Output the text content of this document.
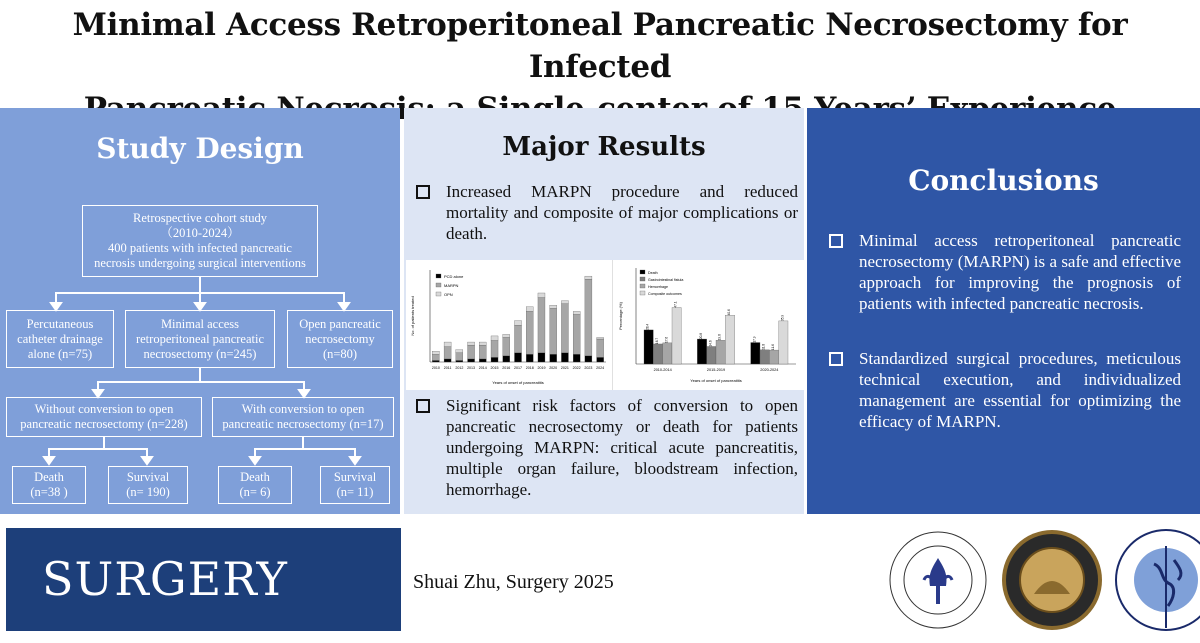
Minimal Access Retroperitoneal Pancreatic Necrosectomy for Infected
Study Design
Retrospective cohort study
（2010-2024）
400 patients with infected pancreatic
necrosis undergoing surgical interventions
Percutaneous
catheter drainage
alone (n=75)
Minimal access
retroperitoneal pancreatic
necrosectomy (n=245)
Open pancreatic
necrosectomy
(n=80)
Without conversion to open
pancreatic necrosectomy (n=228)
With conversion to open
pancreatic necrosectomy (n=17)
Death
(n=38 )
Survival
(n= 190)
Death
(n= 6)
Survival
(n= 11)
Major Results
Increased MARPN procedure and reduced mortality and composite of major complications or death.
No. of patients treated
Years of onset of pancreatitis
2010 2011 2012 2013 2014 2015 2016 2017 2018 2019 2020 2021 2022 2023 2024
PCD alone
MARPN
OPN
Percentage (%)
Years of onset of pancreatitis
28.4
16.7 17.6
47.1
2010-2014
20.8
14.6
19.8
40.6
2015-2019
17.9
11.8 11.6
35.9
2020-2024
Death
Gastrointestinal fistula
Hemorrhage
Composite outcomes
Significant risk factors of conversion to open pancreatic necrosectomy or death for patients undergoing MARPN: critical acute pancreatitis, multiple organ failure, bloodstream infection, hemorrhage.
Conclusions
Minimal access retroperitoneal pancreatic necrosectomy (MARPN) is a safe and effective approach for improving the prognosis of patients with infected pancreatic necrosis.
Standardized surgical procedures, meticulous technical execution, and individualized management are essential for optimizing the efficacy of MARPN.
SURGERY	Shuai Zhu, Surgery 2025
